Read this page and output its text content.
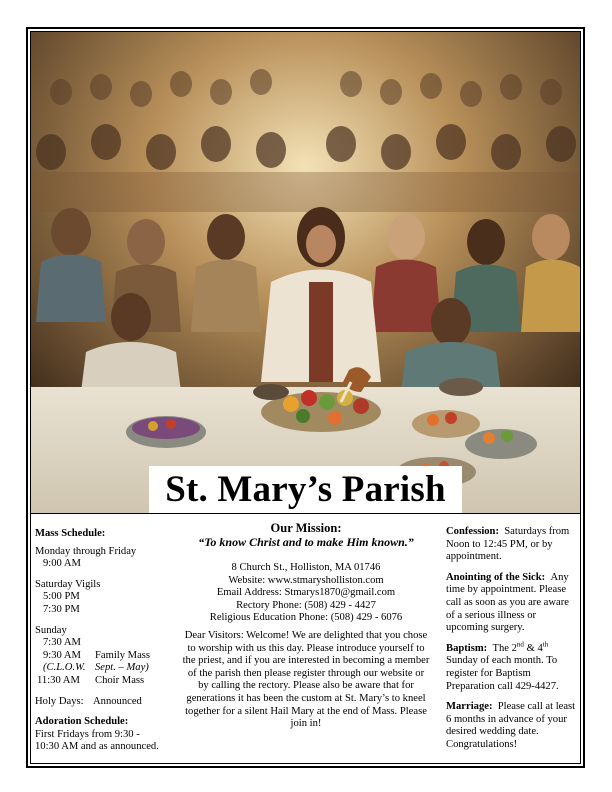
St. Mary’s Parish

Mass Schedule:

Monday through Friday

9:00 AM

Saturday Vigils

5:00 PM

7:30 PM

Sunday

7:30 AM

9:30 AM	Family Mass
(C.L.O.W. Sept. – May)
11:30 AM	Choir Mass
Holy Days: Announced

Adoration Schedule:

First Fridays from 9:30 -

10:30 AM and as announced.

Our Mission:

“To know Christ and to make Him known.”

8 Church St., Holliston, MA 01746

Website: www.stmarysholliston.com

Email Address: Stmarys1870@gmail.com

Rectory Phone: (508) 429 - 4427

Religious Education Phone: (508) 429 - 6076

Dear Visitors: Welcome! We are delighted that you chose to worship with us this day. Please introduce yourself to the priest, and if you are interested in becoming a member of the parish then please register through our website or by calling the rectory. Please also be aware that for generations it has been the custom at St. Mary’s to kneel together for a silent Hail Mary at the end of Mass. Please join in!

Confession: Saturdays from Noon to 12:45 PM, or by appointment.

Anointing of the Sick: Any time by appointment. Please call as soon as you are aware of a serious illness or upcoming surgery.

Baptism: The 2nd & 4th Sunday of each month. To register for Baptism Preparation call 429-4427.

Marriage: Please call at least 6 months in advance of your desired wedding date. Congratulations!
